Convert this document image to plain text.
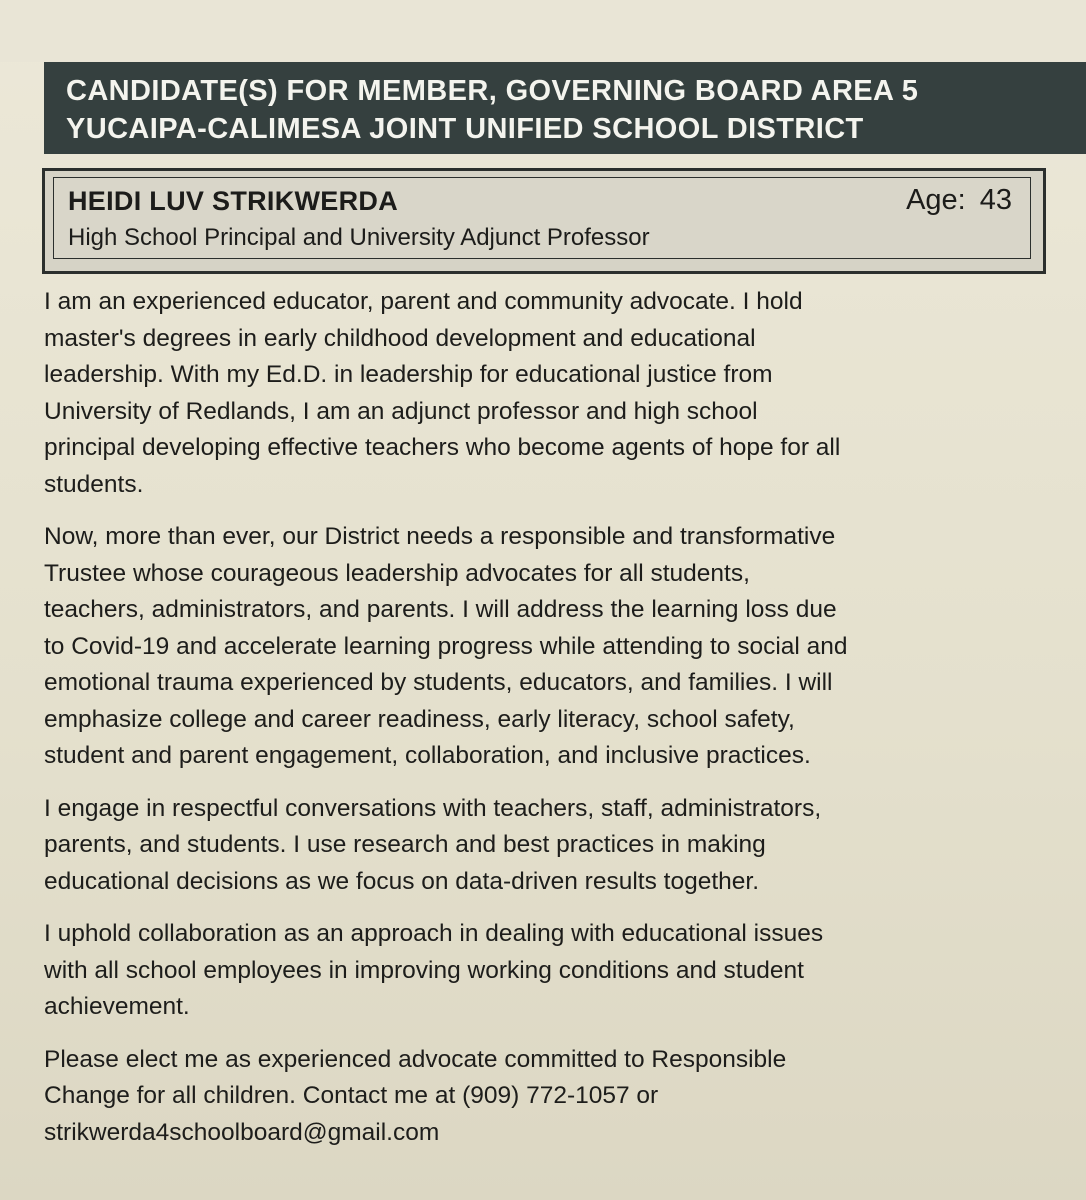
CANDIDATE(S) FOR MEMBER, GOVERNING BOARD AREA 5
YUCAIPA-CALIMESA JOINT UNIFIED SCHOOL DISTRICT
HEIDI LUV STRIKWERDA	Age: 43
High School Principal and University Adjunct Professor

I am an experienced educator, parent and community advocate. I hold
master's degrees in early childhood development and educational
leadership. With my Ed.D. in leadership for educational justice from
University of Redlands, I am an adjunct professor and high school
principal developing effective teachers who become agents of hope for all
students.

Now, more than ever, our District needs a responsible and transformative
Trustee whose courageous leadership advocates for all students,
teachers, administrators, and parents. I will address the learning loss due
to Covid-19 and accelerate learning progress while attending to social and
emotional trauma experienced by students, educators, and families. I will
emphasize college and career readiness, early literacy, school safety,
student and parent engagement, collaboration, and inclusive practices.

I engage in respectful conversations with teachers, staff, administrators,
parents, and students. I use research and best practices in making
educational decisions as we focus on data-driven results together.

I uphold collaboration as an approach in dealing with educational issues
with all school employees in improving working conditions and student
achievement.

Please elect me as experienced advocate committed to Responsible
Change for all children. Contact me at (909) 772-1057 or
strikwerda4schoolboard@gmail.com
